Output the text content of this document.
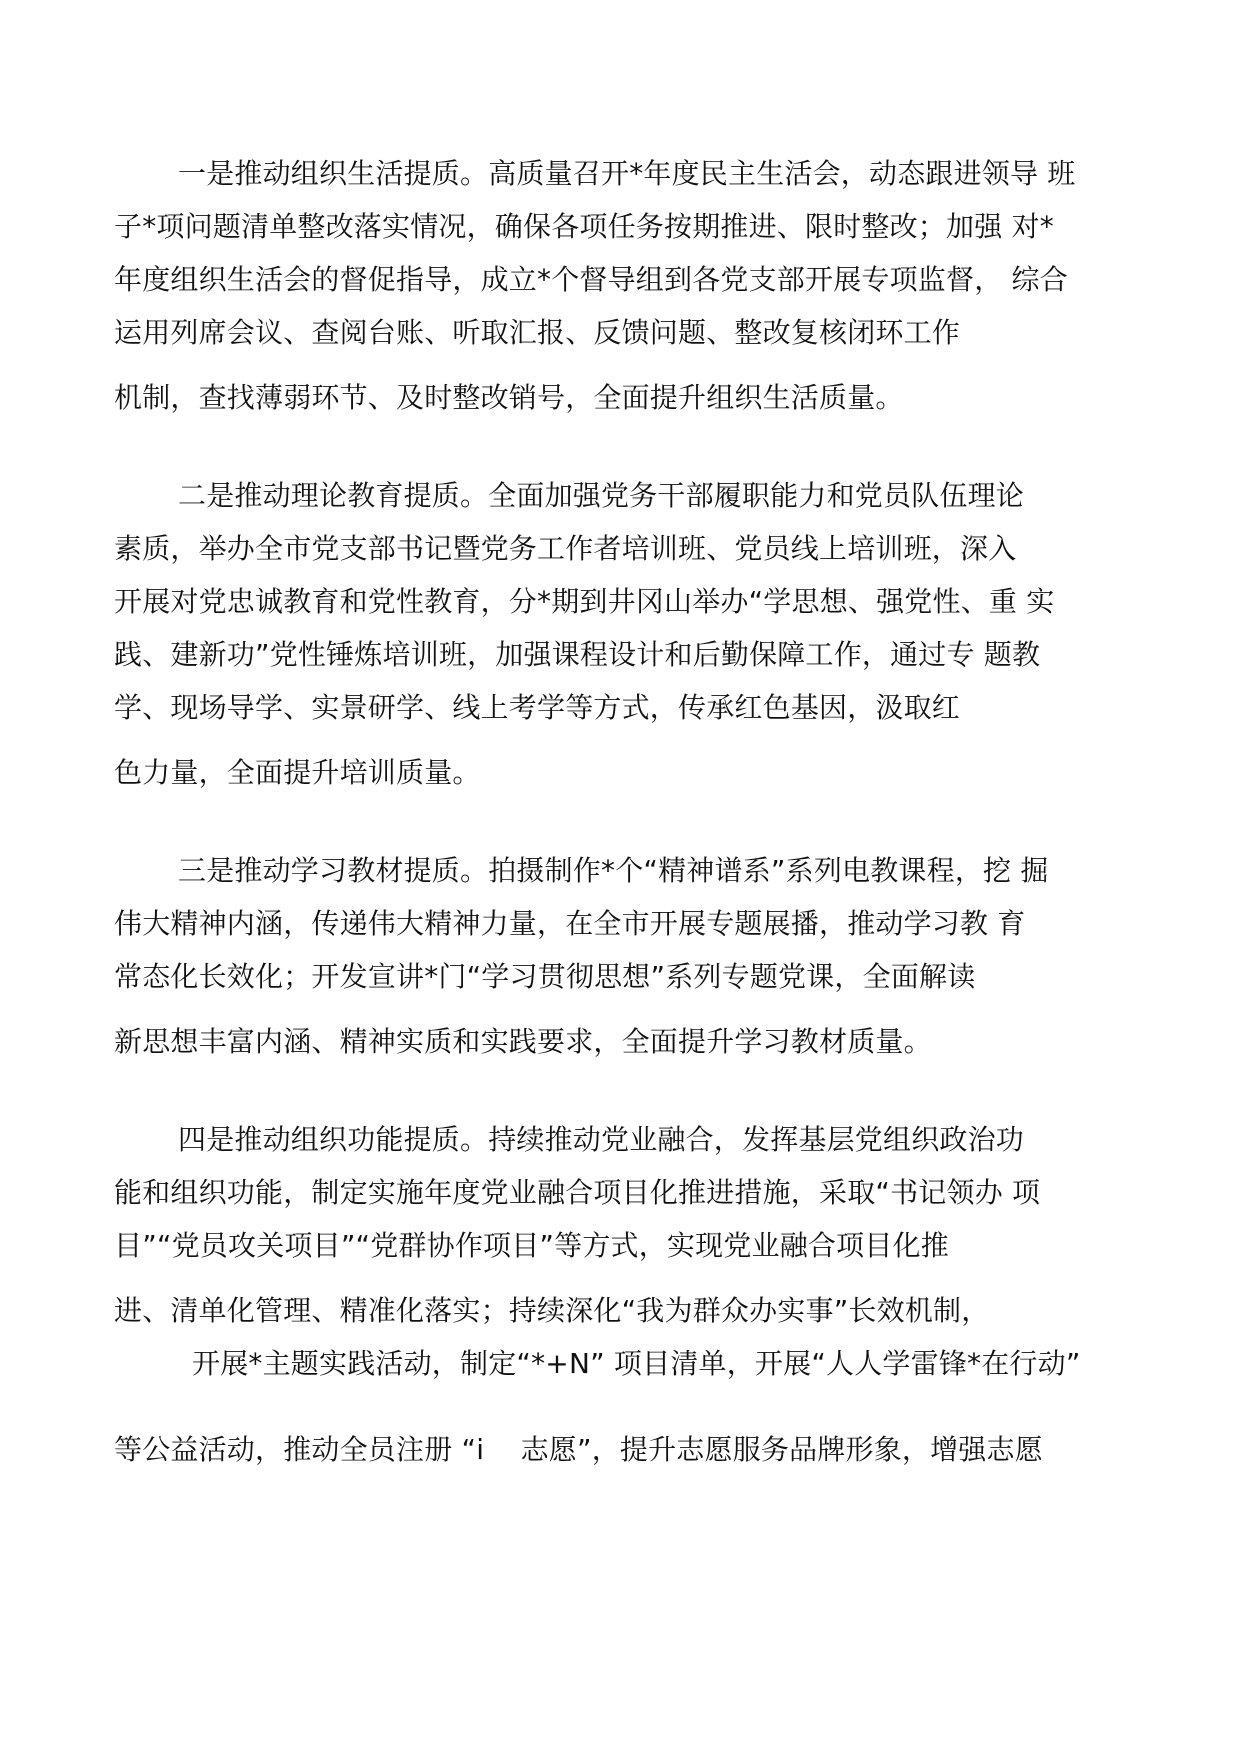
一是推动组织生活提质。高质量召开*年度民主生活会，动态跟进领导 班
子*项问题清单整改落实情况，确保各项任务按期推进、限时整改；加强 对*
年度组织生活会的督促指导，成立*个督导组到各党支部开展专项监督， 综合
运用列席会议、查阅台账、听取汇报、反馈问题、整改复核闭环工作
机制，查找薄弱环节、及时整改销号，全面提升组织生活质量。
二是推动理论教育提质。全面加强党务干部履职能力和党员队伍理论
素质，举办全市党支部书记暨党务工作者培训班、党员线上培训班，深入
开展对党忠诚教育和党性教育，分*期到井冈山举办“学思想、强党性、重 实
践、建新功”党性锤炼培训班，加强课程设计和后勤保障工作，通过专 题教
学、现场导学、实景研学、线上考学等方式，传承红色基因，汲取红
色力量，全面提升培训质量。
三是推动学习教材提质。拍摄制作*个“精神谱系”系列电教课程，挖 掘
伟大精神内涵，传递伟大精神力量，在全市开展专题展播，推动学习教 育
常态化长效化；开发宣讲*门“学习贯彻思想”系列专题党课，全面解读
新思想丰富内涵、精神实质和实践要求，全面提升学习教材质量。
四是推动组织功能提质。持续推动党业融合，发挥基层党组织政治功
能和组织功能，制定实施年度党业融合项目化推进措施，采取“书记领办 项
目”“党员攻关项目”“党群协作项目”等方式，实现党业融合项目化推
进、清单化管理、精准化落实；持续深化“我为群众办实事”长效机制，
开展*主题实践活动，制定“*+N” 项目清单，开展“人人学雷锋*在行动”
等公益活动，推动全员注册 “i    志愿”，提升志愿服务品牌形象，增强志愿
